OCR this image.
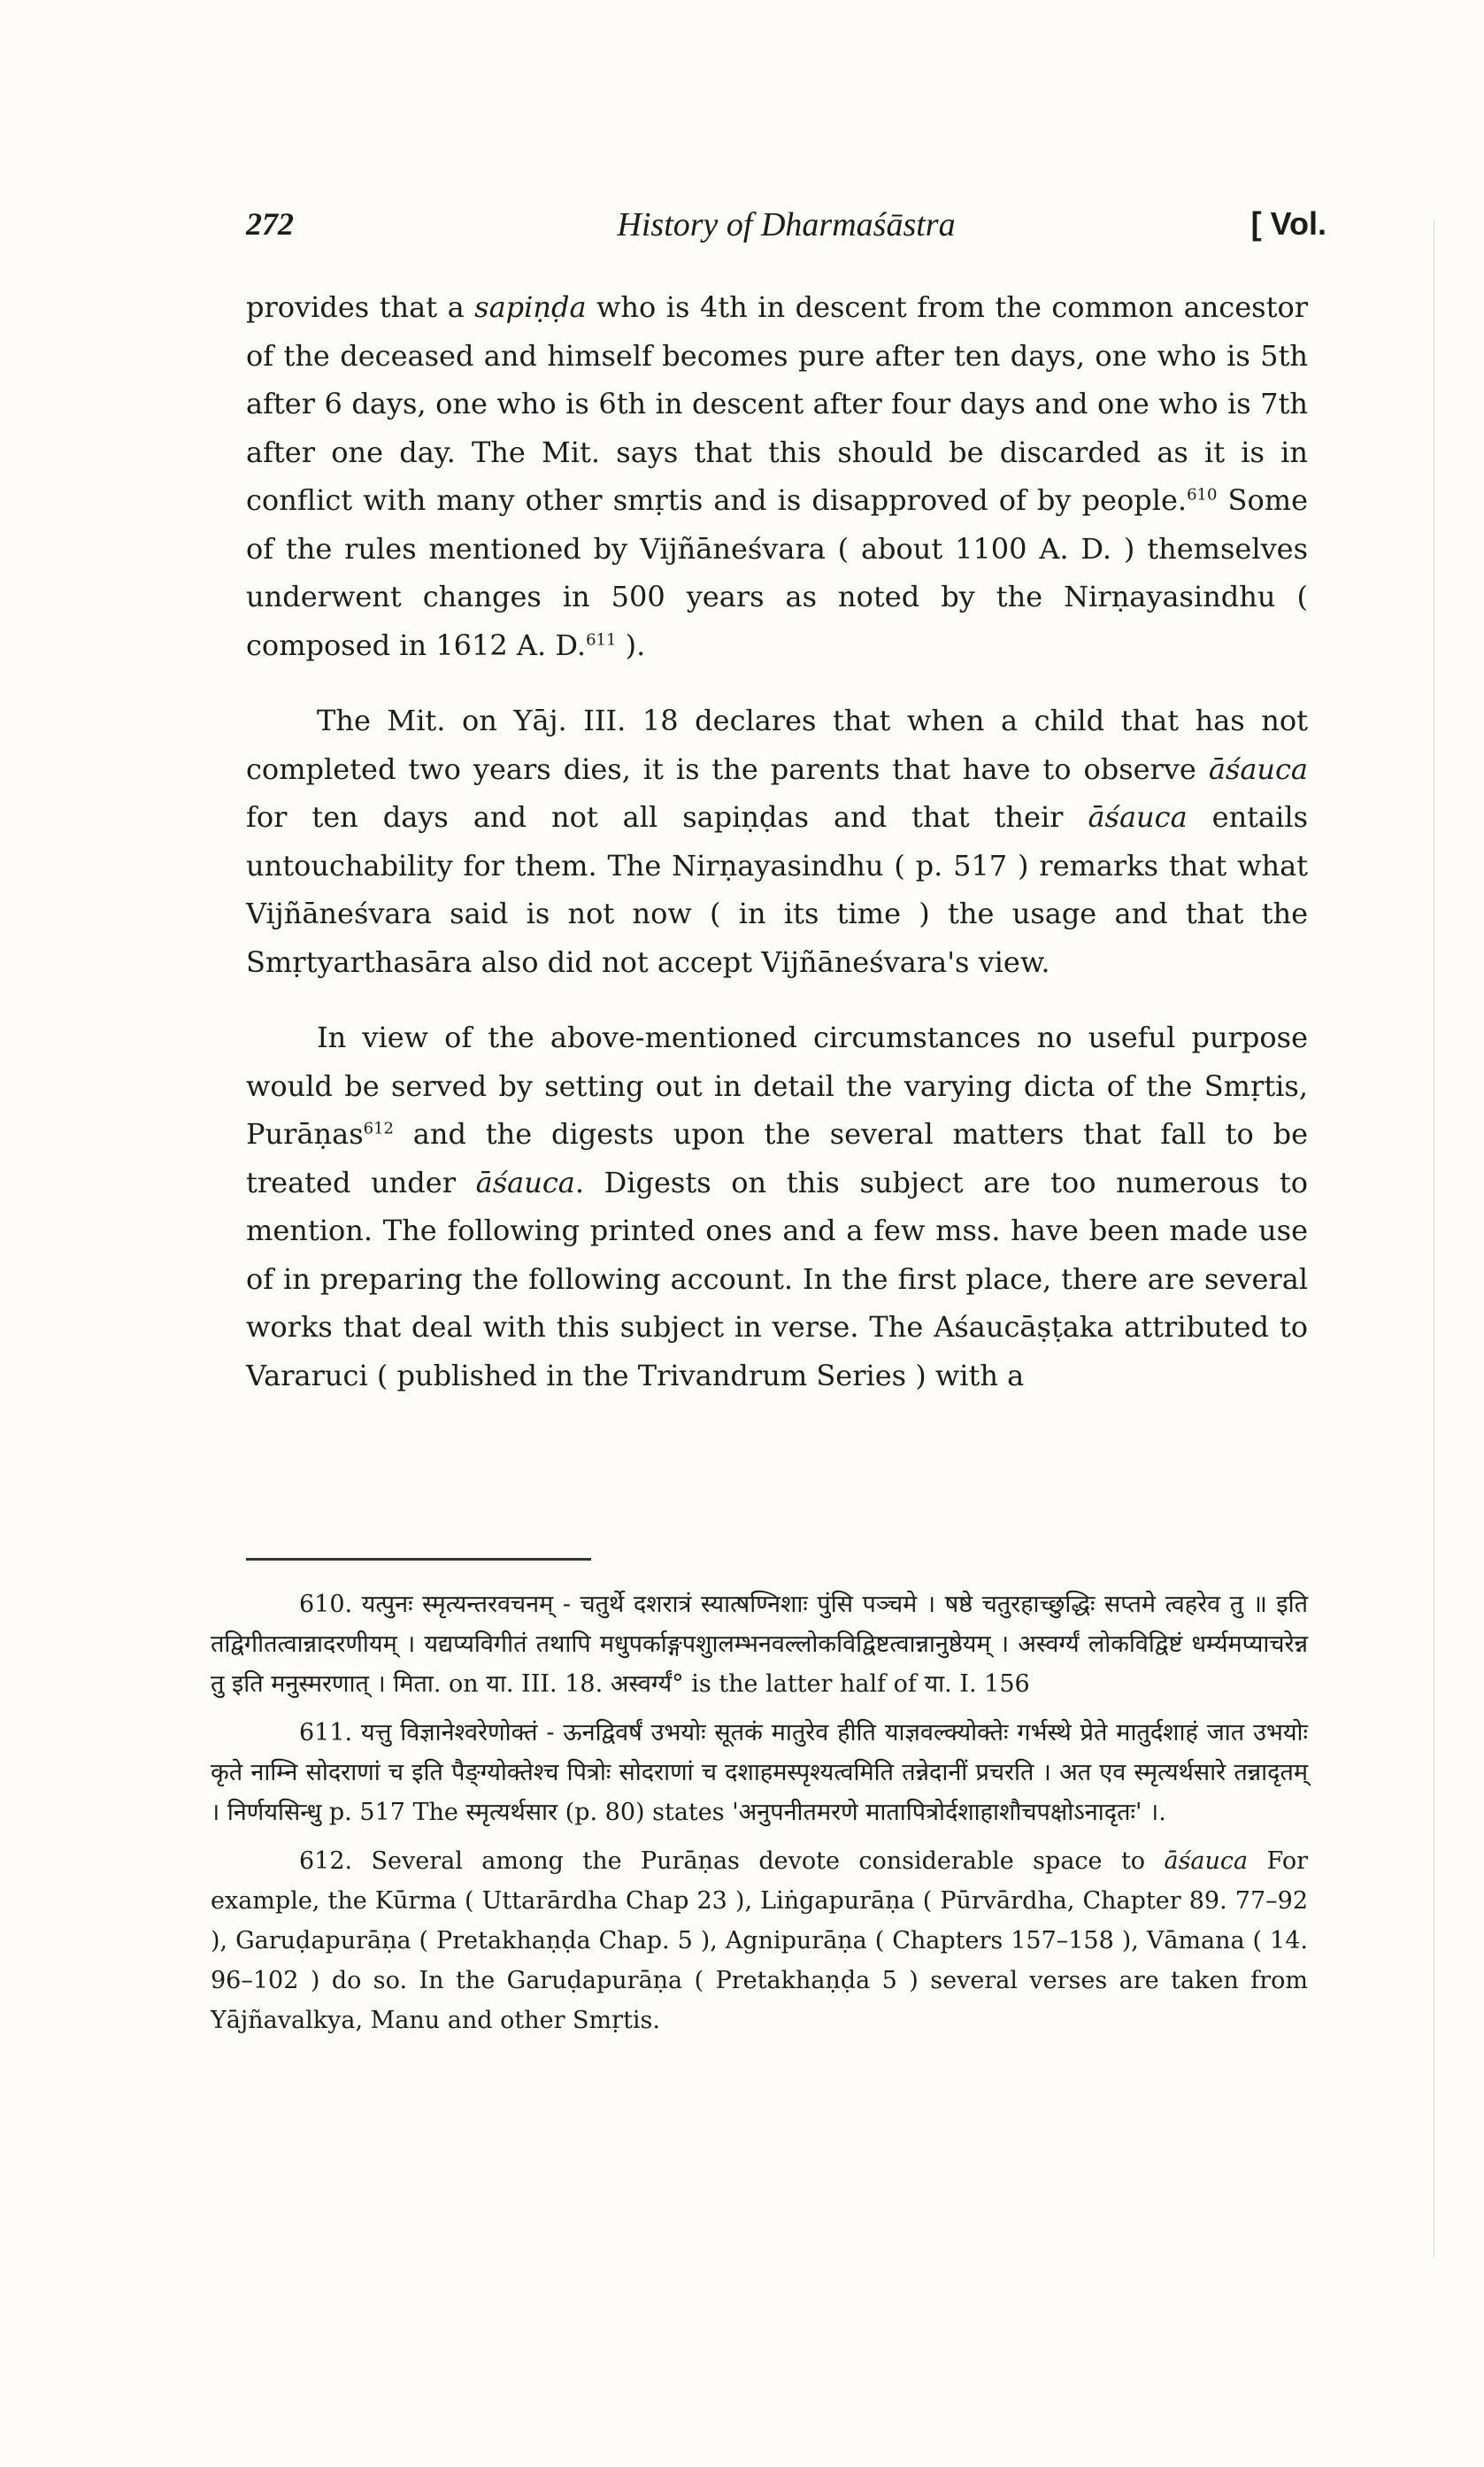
272	History of Dharmaśāstra	[ Vol.

provides that a sapiṇḍa who is 4th in descent from the common ancestor of the deceased and himself becomes pure after ten days, one who is 5th after 6 days, one who is 6th in descent after four days and one who is 7th after one day. The Mit. says that this should be discarded as it is in conflict with many other smṛtis and is disapproved of by people.$^{610}$ Some of the rules mentioned by Vijñāneśvara ( about 1100 A. D. ) themselves underwent changes in 500 years as noted by the Nirṇayasindhu ( composed in 1612 A. D.$^{611}$ ).

The Mit. on Yāj. III. 18 declares that when a child that has not completed two years dies, it is the parents that have to observe āśauca for ten days and not all sapiṇḍas and that their āśauca entails untouchability for them. The Nirṇayasindhu ( p. 517 ) remarks that what Vijñāneśvara said is not now ( in its time ) the usage and that the Smṛtyarthasāra also did not accept Vijñāneśvara's view.

In view of the above-mentioned circumstances no useful purpose would be served by setting out in detail the varying dicta of the Smṛtis, Purāṇas$^{612}$ and the digests upon the several matters that fall to be treated under āśauca. Digests on this subject are too numerous to mention. The following printed ones and a few mss. have been made use of in preparing the following account. In the first place, there are several works that deal with this subject in verse. The Aśaucāṣṭaka attributed to Vararuci ( published in the Trivandrum Series ) with a

610. यत्पुनः स्मृत्यन्तरवचनम् - चतुर्थे दशरात्रं स्यात्षण्निशाः पुंसि पञ्चमे । षष्ठे चतुरहाच्छुद्धिः सप्तमे त्वहरेव तु ॥ इति तद्विगीतत्वान्नादरणीयम् । यद्यप्यविगीतं तथापि मधुपर्काङ्गपशुालम्भनवल्लोकविद्विष्टत्वान्नानुष्ठेयम् । अस्वर्ग्यं लोकविद्विष्टं धर्म्यमप्याचरेन्न तु इति मनुस्मरणात् । मिता. on या. III. 18. अस्वर्ग्यं° is the latter half of या. I. 156

611. यत्तु विज्ञानेश्वरेणोक्तं - ऊनद्विवर्षं उभयोः सूतकं मातुरेव हीति याज्ञवल्क्योक्तेः गर्भस्थे प्रेते मातुर्दशाहं जात उभयोः कृते नाम्नि सोदराणां च इति पैङ्ग्योक्तेश्च पित्रोः सोदराणां च दशाहमस्पृश्यत्वमिति तन्नेदानीं प्रचरति । अत एव स्मृत्यर्थसारे तन्नादृतम् । निर्णयसिन्धु p. 517 The स्मृत्यर्थसार (p. 80) states 'अनुपनीतमरणे मातापित्रोर्दशाहाशौचपक्षोऽनादृतः' ।.

612. Several among the Purāṇas devote considerable space to āśauca For example, the Kūrma ( Uttarārdha Chap 23 ), Liṅgapurāṇa ( Pūrvārdha, Chapter 89. 77–92 ), Garuḍapurāṇa ( Pretakhaṇḍa Chap. 5 ), Agnipurāṇa ( Chapters 157–158 ), Vāmana ( 14. 96–102 ) do so. In the Garuḍapurāṇa ( Pretakhaṇḍa 5 ) several verses are taken from Yājñavalkya, Manu and other Smṛtis.
